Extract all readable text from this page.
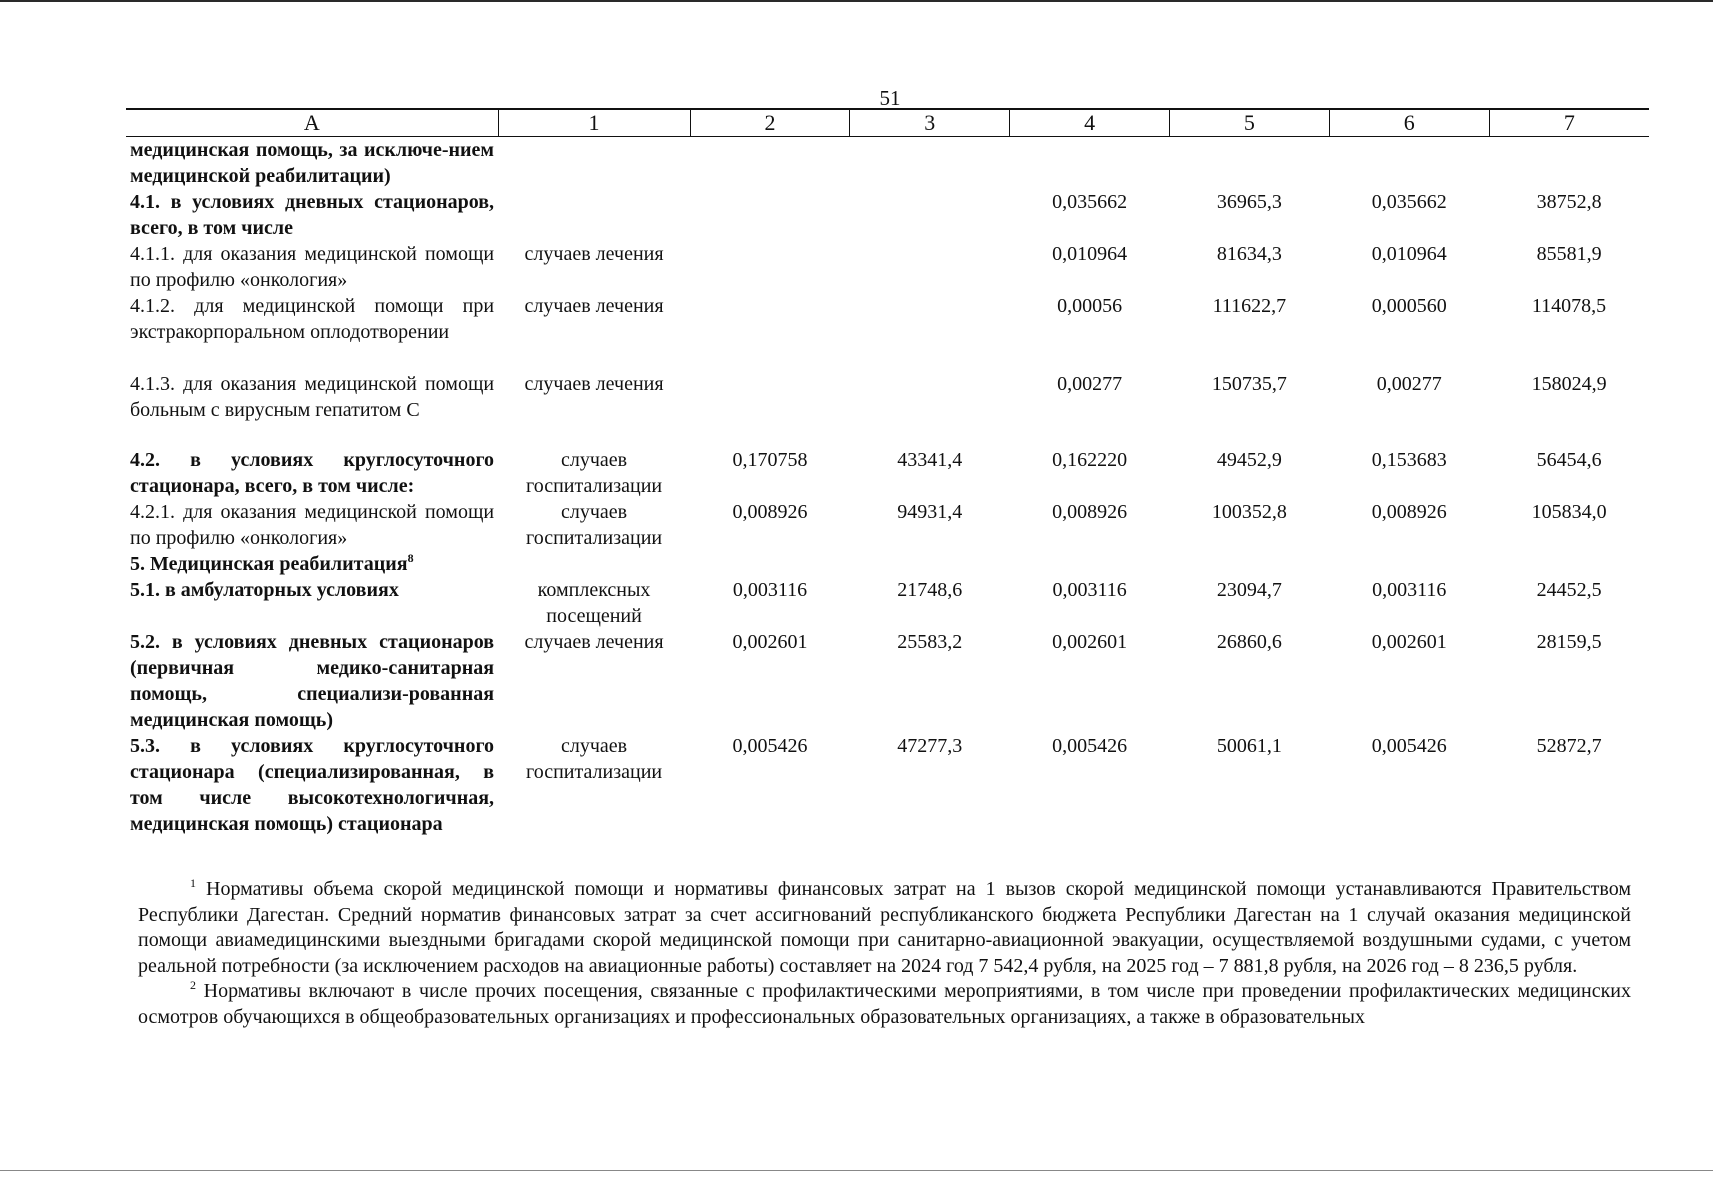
51
А	1	2	3	4	5	6	7
медицинская помощь, за исключе-нием медицинской реабилитации)							
4.1. в условиях дневных стационаров, всего, в том числе				0,035662	36965,3	0,035662	38752,8
4.1.1. для оказания медицинской помощи по профилю «онкология»	случаев лечения			0,010964	81634,3	0,010964	85581,9
4.1.2. для медицинской помощи при экстракорпоральном оплодотворении	случаев лечения			0,00056	111622,7	0,000560	114078,5
4.1.3. для оказания медицинской помощи больным с вирусным гепатитом С	случаев лечения			0,00277	150735,7	0,00277	158024,9
4.2. в условиях круглосуточного стационара, всего, в том числе:	случаев госпитализации	0,170758	43341,4	0,162220	49452,9	0,153683	56454,6
4.2.1. для оказания медицинской помощи по профилю «онкология»	случаев госпитализации	0,008926	94931,4	0,008926	100352,8	0,008926	105834,0
5. Медицинская реабилитация$^8$							
5.1. в амбулаторных условиях	комплексных посещений	0,003116	21748,6	0,003116	23094,7	0,003116	24452,5
5.2. в условиях дневных стационаров (первичная медико-санитарная помощь, специализи-рованная медицинская помощь)	случаев лечения	0,002601	25583,2	0,002601	26860,6	0,002601	28159,5
5.3. в условиях круглосуточного стационара (специализированная, в том числе высокотехнологичная, медицинская помощь) стационара	случаев госпитализации	0,005426	47277,3	0,005426	50061,1	0,005426	52872,7

$^1$ Нормативы объема скорой медицинской помощи и нормативы финансовых затрат на 1 вызов скорой медицинской помощи устанавливаются Правительством Республики Дагестан. Средний норматив финансовых затрат за счет ассигнований республиканского бюджета Республики Дагестан на 1 случай оказания медицинской помощи авиамедицинскими выездными бригадами скорой медицинской помощи при санитарно-авиационной эвакуации, осуществляемой воздушными судами, с учетом реальной потребности (за исключением расходов на авиационные работы) составляет на 2024 год 7 542,4 рубля, на 2025 год – 7 881,8 рубля, на 2026 год – 8 236,5 рубля.

$^2$ Нормативы включают в числе прочих посещения, связанные с профилактическими мероприятиями, в том числе при проведении профилактических медицинских осмотров обучающихся в общеобразовательных организациях и профессиональных образовательных организациях, а также в образовательных
